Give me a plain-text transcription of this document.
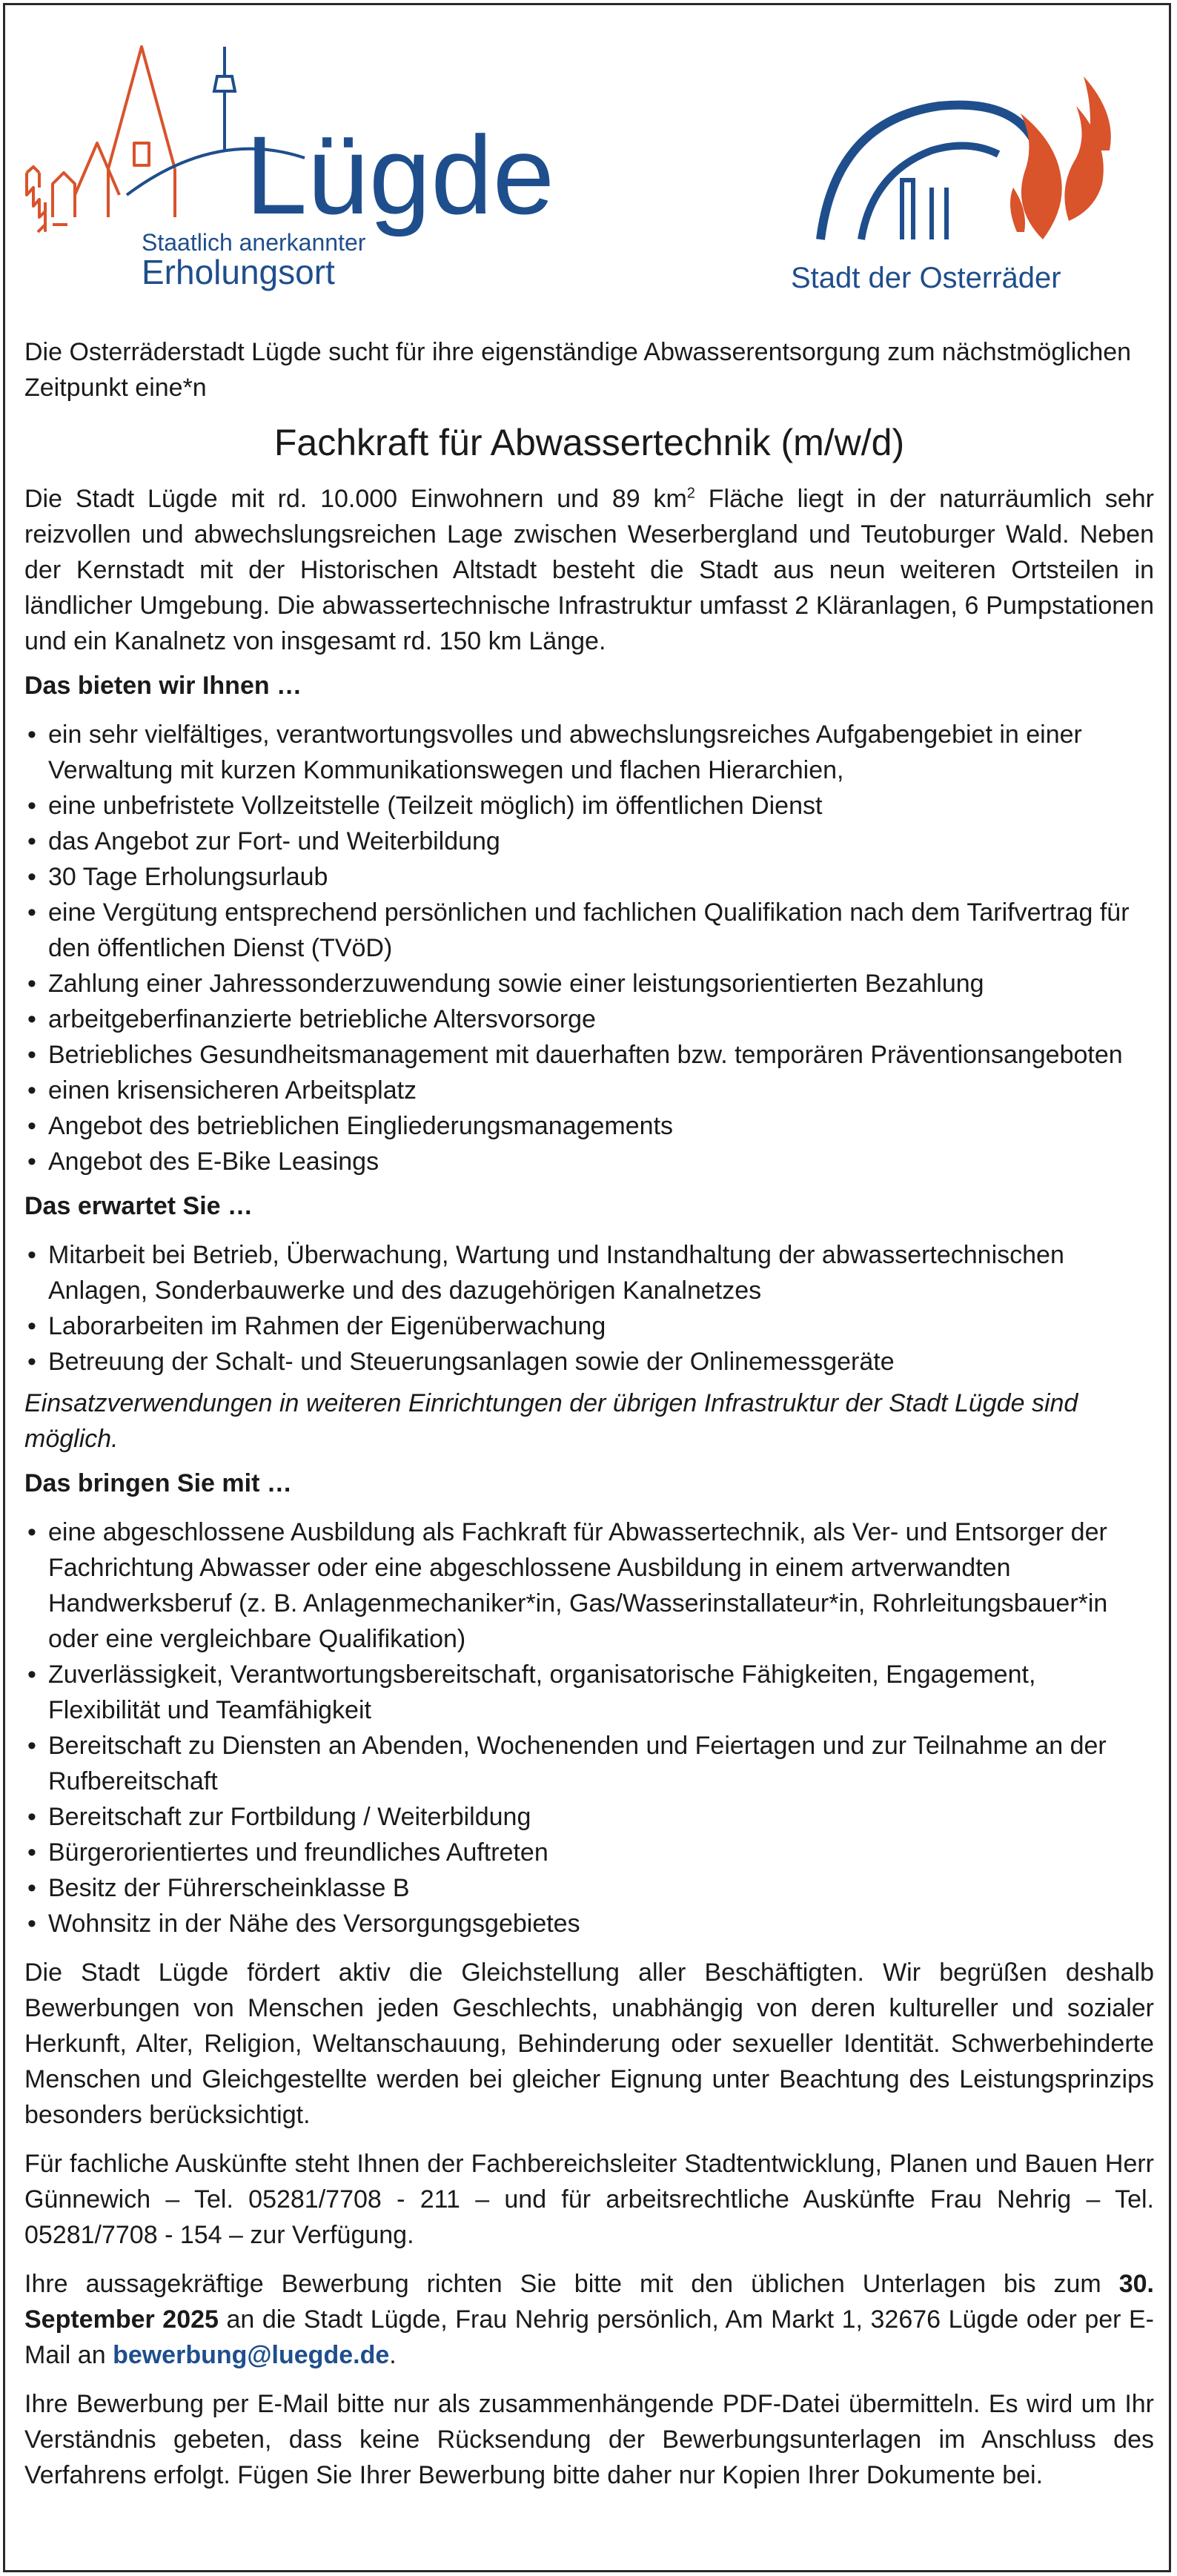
Lügde
Staatlich anerkannter
Erholungsort	Stadt der Osterräder

Die Osterräderstadt Lügde sucht für ihre eigenständige Abwasserentsorgung zum nächstmöglichen Zeitpunkt eine*n

Fachkraft für Abwassertechnik (m/w/d)

Die Stadt Lügde mit rd. 10.000 Einwohnern und 89 $km^2$ Fläche liegt in der naturräumlich sehr reizvollen und abwechslungsreichen Lage zwischen Weserbergland und Teutoburger Wald. Neben der Kernstadt mit der Historischen Altstadt besteht die Stadt aus neun weiteren Ortsteilen in ländlicher Umgebung. Die abwassertechnische Infrastruktur umfasst 2 Kläranlagen, 6 Pumpstationen und ein Kanalnetz von insgesamt rd. 150 km Länge.

Das bieten wir Ihnen …
• ein sehr vielfältiges, verantwortungsvolles und abwechslungsreiches Aufgabengebiet in einer Verwaltung mit kurzen Kommunikationswegen und flachen Hierarchien,
• eine unbefristete Vollzeitstelle (Teilzeit möglich) im öffentlichen Dienst
• das Angebot zur Fort- und Weiterbildung
• 30 Tage Erholungsurlaub
• eine Vergütung entsprechend persönlichen und fachlichen Qualifikation nach dem Tarifvertrag für den öffentlichen Dienst (TVöD)
• Zahlung einer Jahressonderzuwendung sowie einer leistungsorientierten Bezahlung
• arbeitgeberfinanzierte betriebliche Altersvorsorge
• Betriebliches Gesundheitsmanagement mit dauerhaften bzw. temporären Präventionsangeboten
• einen krisensicheren Arbeitsplatz
• Angebot des betrieblichen Eingliederungsmanagements
• Angebot des E-Bike Leasings
Das erwartet Sie …
• Mitarbeit bei Betrieb, Überwachung, Wartung und Instandhaltung der abwassertechnischen Anlagen, Sonderbauwerke und des dazugehörigen Kanalnetzes
• Laborarbeiten im Rahmen der Eigenüberwachung
• Betreuung der Schalt- und Steuerungsanlagen sowie der Onlinemessgeräte

Einsatzverwendungen in weiteren Einrichtungen der übrigen Infrastruktur der Stadt Lügde sind möglich.

Das bringen Sie mit …
• eine abgeschlossene Ausbildung als Fachkraft für Abwassertechnik, als Ver- und Entsorger der Fachrichtung Abwasser oder eine abgeschlossene Ausbildung in einem artverwandten Handwerksberuf (z. B. Anlagenmechaniker*in, Gas/Wasserinstallateur*in, Rohrleitungsbauer*in oder eine vergleichbare Qualifikation)
• Zuverlässigkeit, Verantwortungsbereitschaft, organisatorische Fähigkeiten, Engagement, Flexibilität und Teamfähigkeit
• Bereitschaft zu Diensten an Abenden, Wochenenden und Feiertagen und zur Teilnahme an der Rufbereitschaft
• Bereitschaft zur Fortbildung / Weiterbildung
• Bürgerorientiertes und freundliches Auftreten
• Besitz der Führerscheinklasse B
• Wohnsitz in der Nähe des Versorgungsgebietes

Die Stadt Lügde fördert aktiv die Gleichstellung aller Beschäftigten. Wir begrüßen deshalb Bewerbungen von Menschen jeden Geschlechts, unabhängig von deren kultureller und sozialer Herkunft, Alter, Religion, Weltanschauung, Behinderung oder sexueller Identität. Schwerbehinderte Menschen und Gleichgestellte werden bei gleicher Eignung unter Beachtung des Leistungsprinzips besonders berücksichtigt.

Für fachliche Auskünfte steht Ihnen der Fachbereichsleiter Stadtentwicklung, Planen und Bauen Herr Günnewich – Tel. 05281/7708 - 211 – und für arbeitsrechtliche Auskünfte Frau Nehrig – Tel. 05281/7708 - 154 – zur Verfügung.

Ihre aussagekräftige Bewerbung richten Sie bitte mit den üblichen Unterlagen bis zum 30. September 2025 an die Stadt Lügde, Frau Nehrig persönlich, Am Markt 1, 32676 Lügde oder per E-Mail an bewerbung@luegde.de.

Ihre Bewerbung per E-Mail bitte nur als zusammenhängende PDF-Datei übermitteln. Es wird um Ihr Verständnis gebeten, dass keine Rücksendung der Bewerbungsunterlagen im Anschluss des Verfahrens erfolgt. Fügen Sie Ihrer Bewerbung bitte daher nur Kopien Ihrer Dokumente bei.
